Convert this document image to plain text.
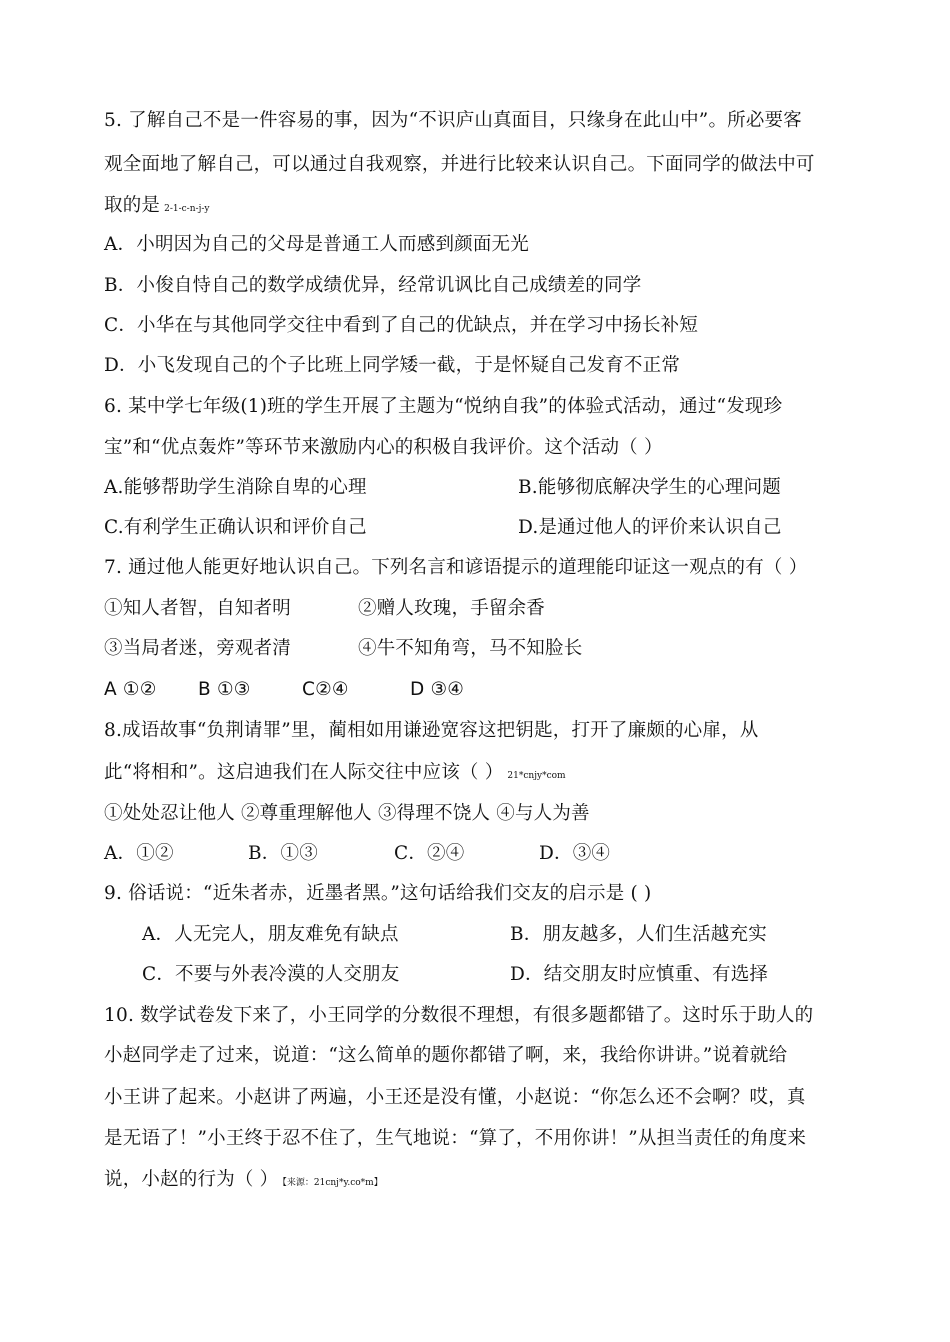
5. 了解自己不是一件容易的事，因为“不识庐山真面目，只缘身在此山中”。所必要客
观全面地了解自己，可以通过自我观察，并进行比较来认识自己。下面同学的做法中可
取的是 2-1-c-n-j-y
A．小明因为自己的父母是普通工人而感到颜面无光
B．小俊自恃自己的数学成绩优异，经常讥讽比自己成绩差的同学
C．小华在与其他同学交往中看到了自己的优缺点，并在学习中扬长补短
D．小飞发现自己的个子比班上同学矮一截，于是怀疑自己发育不正常
6. 某中学七年级(1)班的学生开展了主题为“悦纳自我”的体验式活动，通过“发现珍
宝”和“优点轰炸”等环节来激励内心的积极自我评价。这个活动（ ）
A.能够帮助学生消除自卑的心理	B.能够彻底解决学生的心理问题
C.有利学生正确认识和评价自己	D.是通过他人的评价来认识自己
7. 通过他人能更好地认识自己。下列名言和谚语提示的道理能印证这一观点的有（ ）
①知人者智，自知者明	②赠人玫瑰，手留余香
③当局者迷，旁观者清	④牛不知角弯，马不知脸长
A ①② B ①③	C②④	D ③④
8.成语故事“负荆请罪”里，蔺相如用谦逊宽容这把钥匙，打开了廉颇的心扉，从
此“将相和”。这启迪我们在人际交往中应该（ ） 21*cnjy*com
①处处忍让他人 ②尊重理解他人 ③得理不饶人 ④与人为善
A．①②	B．①③	C．②④	D．③④
9. 俗话说：“近朱者赤，近墨者黑。”这句话给我们交友的启示是 ( )
A．人无完人，朋友难免有缺点	B．朋友越多，人们生活越充实
C．不要与外表冷漠的人交朋友	D．结交朋友时应慎重、有选择
10. 数学试卷发下来了，小王同学的分数很不理想，有很多题都错了。这时乐于助人的
小赵同学走了过来，说道：“这么简单的题你都错了啊，来，我给你讲讲。”说着就给
小王讲了起来。小赵讲了两遍，小王还是没有懂，小赵说：“你怎么还不会啊？哎，真
是无语了！”小王终于忍不住了，生气地说：“算了，不用你讲！”从担当责任的角度来
说，小赵的行为（ ） 【来源：21cnj*y.co*m】
